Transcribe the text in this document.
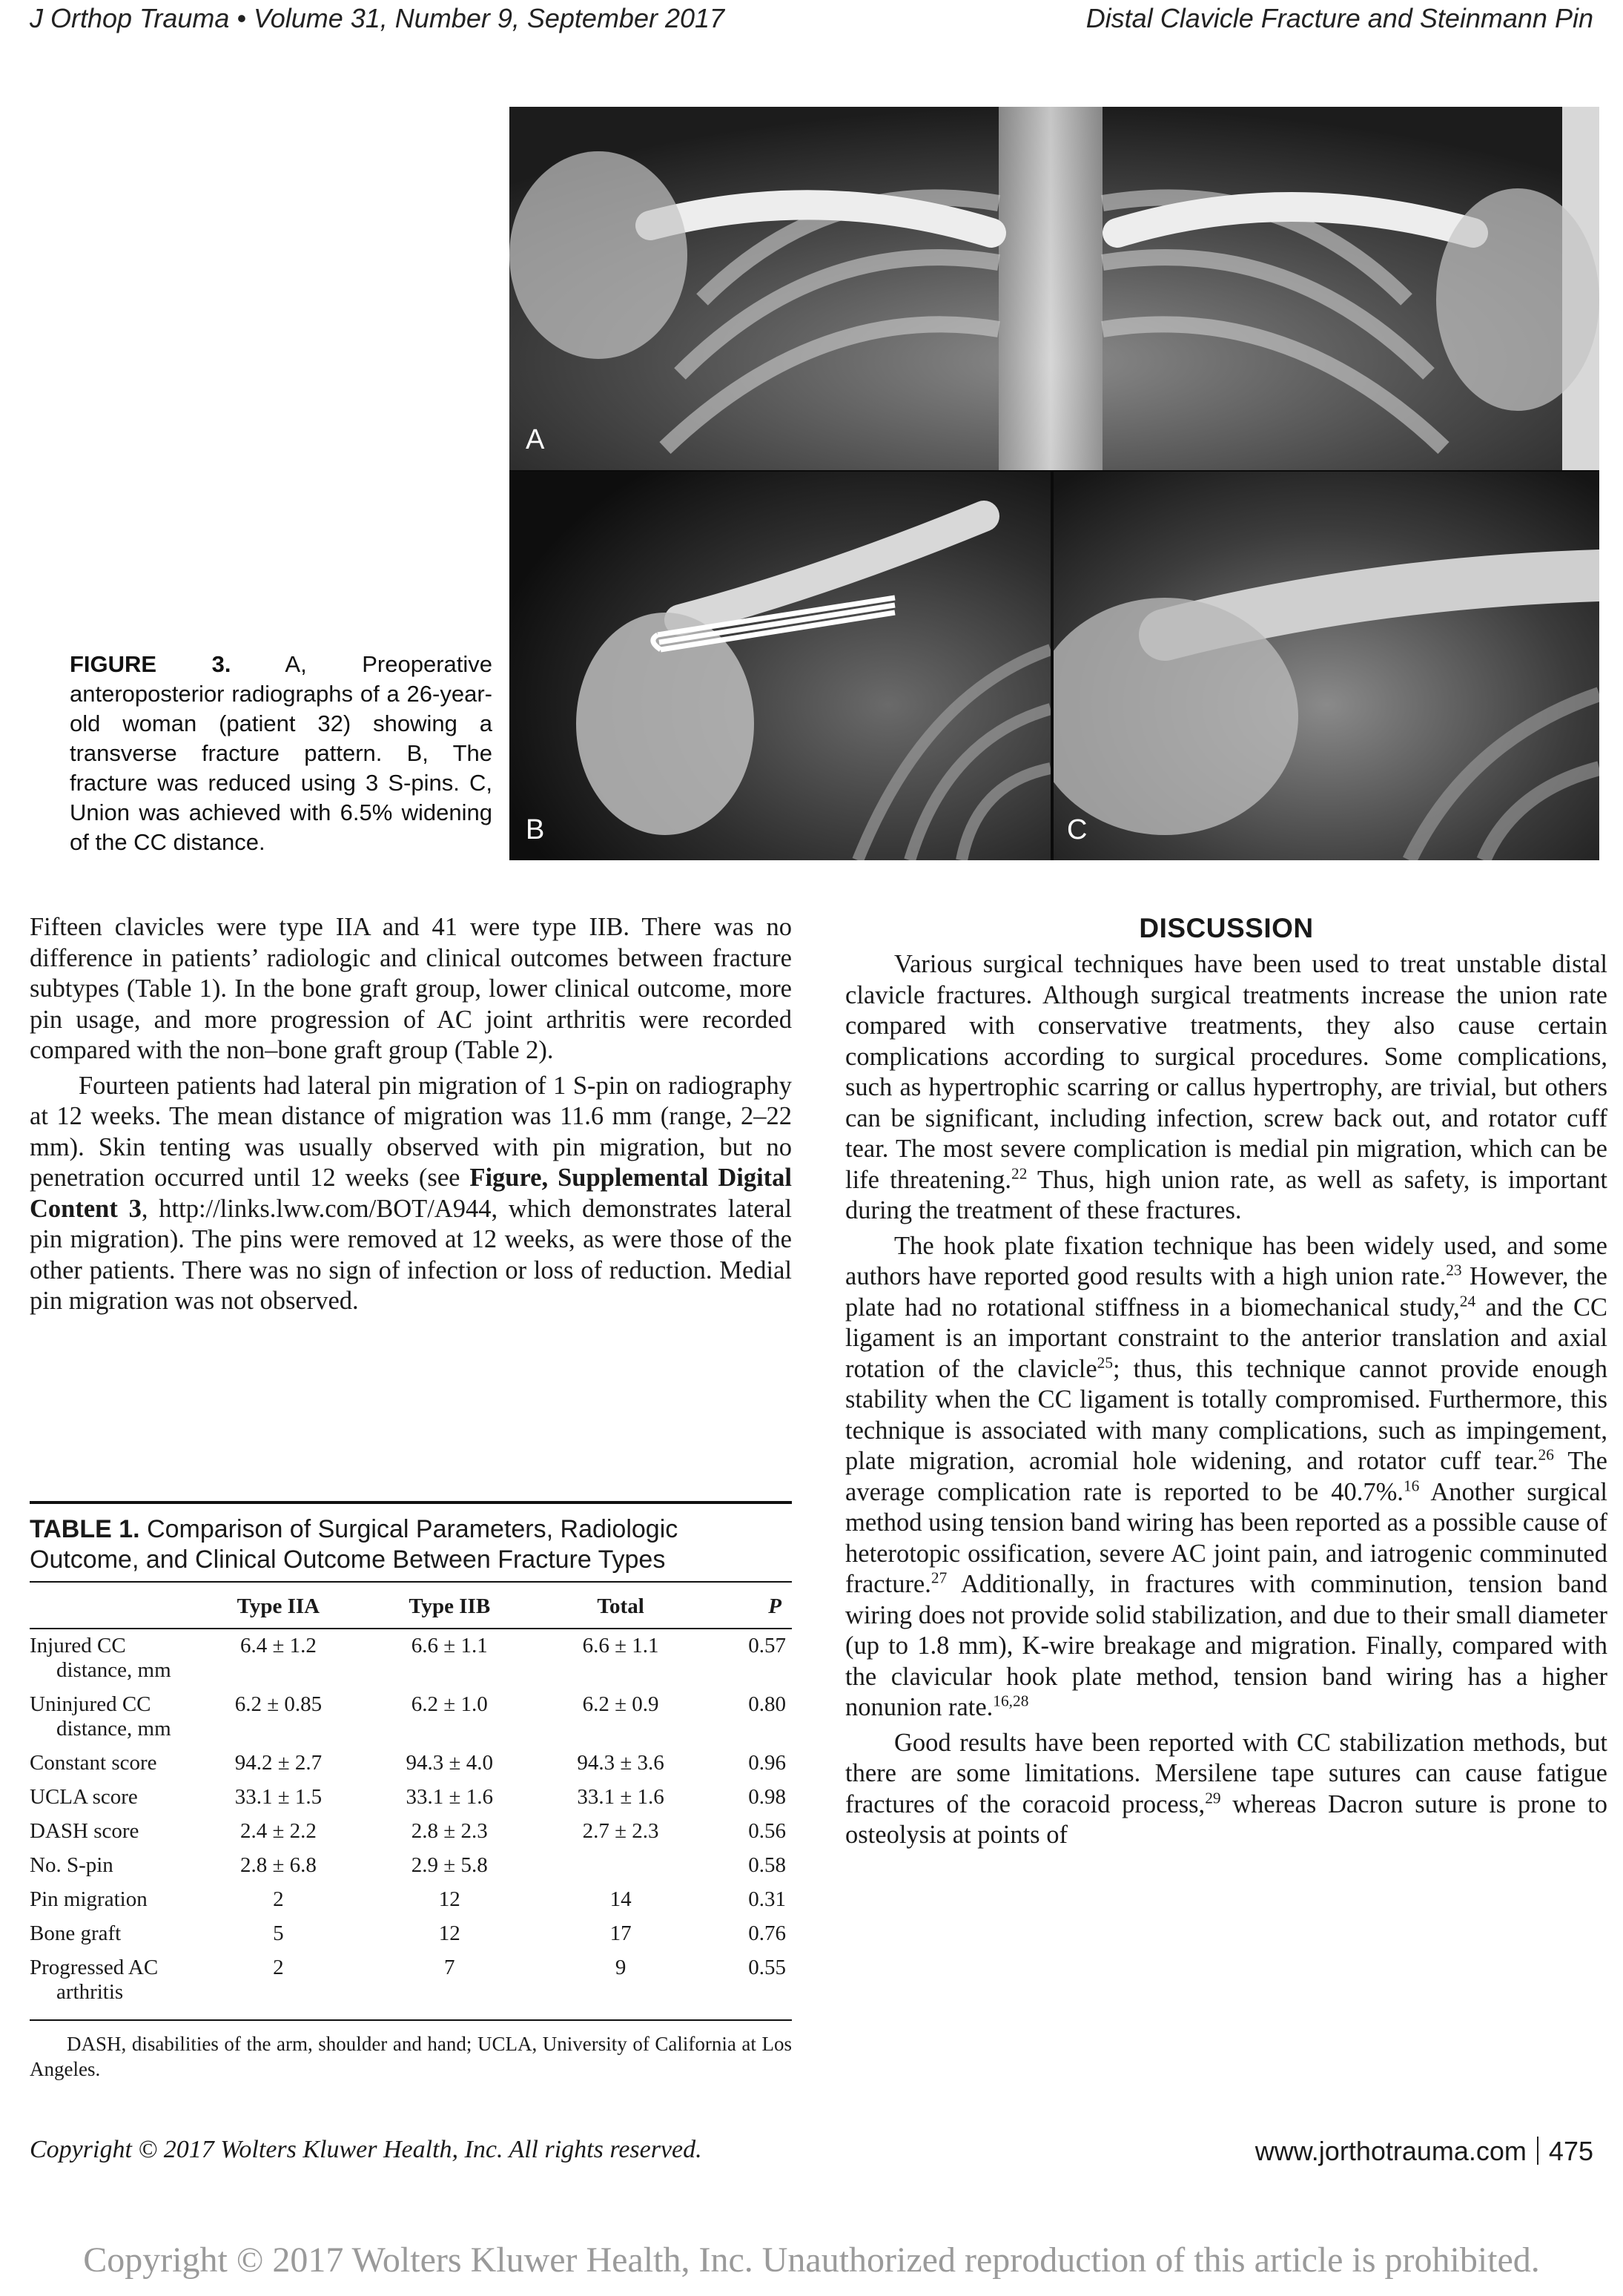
J Orthop Trauma • Volume 31, Number 9, September 2017	Distal Clavicle Fracture and Steinmann Pin
A
B	C
FIGURE 3. A, Preoperative anteroposterior radiographs of a 26-year-old woman (patient 32) showing a transverse fracture pattern. B, The fracture was reduced using 3 S-pins. C, Union was achieved with 6.5% widening of the CC distance.

Fifteen clavicles were type IIA and 41 were type IIB. There was no difference in patients’ radiologic and clinical outcomes between fracture subtypes (Table 1). In the bone graft group, lower clinical outcome, more pin usage, and more progression of AC joint arthritis were recorded compared with the non–bone graft group (Table 2).

Fourteen patients had lateral pin migration of 1 S-pin on radiography at 12 weeks. The mean distance of migration was 11.6 mm (range, 2–22 mm). Skin tenting was usually observed with pin migration, but no penetration occurred until 12 weeks (see Figure, Supplemental Digital Content 3, http://links.lww.com/BOT/A944, which demonstrates lateral pin migration). The pins were removed at 12 weeks, as were those of the other patients. There was no sign of infection or loss of reduction. Medial pin migration was not observed.

TABLE 1. Comparison of Surgical Parameters, Radiologic Outcome, and Clinical Outcome Between Fracture Types
	Type IIA	Type IIB	Total	P
Injured CC
distance, mm	6.4 ± 1.2	6.6 ± 1.1	6.6 ± 1.1	0.57
Uninjured CC
distance, mm	6.2 ± 0.85	6.2 ± 1.0	6.2 ± 0.9	0.80
Constant score	94.2 ± 2.7	94.3 ± 4.0	94.3 ± 3.6	0.96
UCLA score	33.1 ± 1.5	33.1 ± 1.6	33.1 ± 1.6	0.98
DASH score	2.4 ± 2.2	2.8 ± 2.3	2.7 ± 2.3	0.56
No. S-pin	2.8 ± 6.8	2.9 ± 5.8		0.58
Pin migration	2	12	14	0.31
Bone graft	5	12	17	0.76
Progressed AC
arthritis	2	7	9	0.55

DASH, disabilities of the arm, shoulder and hand; UCLA, University of California at Los Angeles.

DISCUSSION

Various surgical techniques have been used to treat unstable distal clavicle fractures. Although surgical treatments increase the union rate compared with conservative treatments, they also cause certain complications according to surgical procedures. Some complications, such as hypertrophic scarring or callus hypertrophy, are trivial, but others can be significant, including infection, screw back out, and rotator cuff tear. The most severe complication is medial pin migration, which can be life threatening.$^{22}$ Thus, high union rate, as well as safety, is important during the treatment of these fractures.

The hook plate fixation technique has been widely used, and some authors have reported good results with a high union rate.$^{23}$ However, the plate had no rotational stiffness in a biomechanical study,$^{24}$ and the CC ligament is an important constraint to the anterior translation and axial rotation of the clavicle$^{25}$; thus, this technique cannot provide enough stability when the CC ligament is totally compromised. Furthermore, this technique is associated with many complications, such as impingement, plate migration, acromial hole widening, and rotator cuff tear.$^{26}$ The average complication rate is reported to be 40.7%.$^{16}$ Another surgical method using tension band wiring has been reported as a possible cause of heterotopic ossification, severe AC joint pain, and iatrogenic comminuted fracture.$^{27}$ Additionally, in fractures with comminution, tension band wiring does not provide solid stabilization, and due to their small diameter (up to 1.8 mm), K-wire breakage and migration. Finally, compared with the clavicular hook plate method, tension band wiring has a higher nonunion rate.$^{16,28}$

Good results have been reported with CC stabilization methods, but there are some limitations. Mersilene tape sutures can cause fatigue fractures of the coracoid process,$^{29}$ whereas Dacron suture is prone to osteolysis at points of

Copyright © 2017 Wolters Kluwer Health, Inc. All rights reserved.	www.jorthotrauma.com 475
Copyright © 2017 Wolters Kluwer Health, Inc. Unauthorized reproduction of this article is prohibited.
